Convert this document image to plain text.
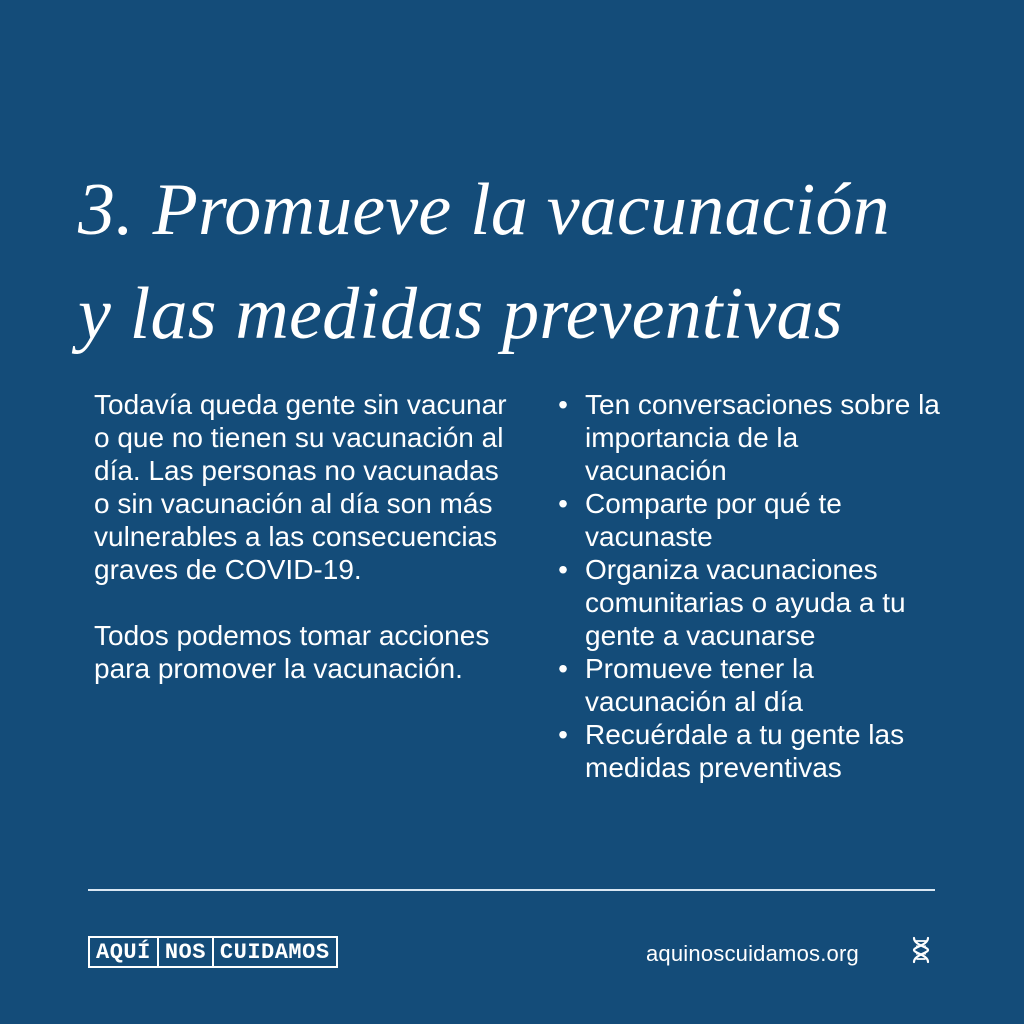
3. Promueve la vacunación
y las medidas preventivas

Todavía queda gente sin vacunar o que no tienen su vacunación al día. Las personas no vacunadas o sin vacunación al día son más vulnerables a las consecuencias graves de COVID-19.

Todos podemos tomar acciones para promover la vacunación.

• Ten conversaciones sobre la importancia de la vacunación
• Comparte por qué te vacunaste
• Organiza vacunaciones comunitarias o ayuda a tu gente a vacunarse
• Promueve tener la vacunación al día
• Recuérdale a tu gente las medidas preventivas
AQUÍ NOS CUIDAMOS	aquinoscuidamos.org
